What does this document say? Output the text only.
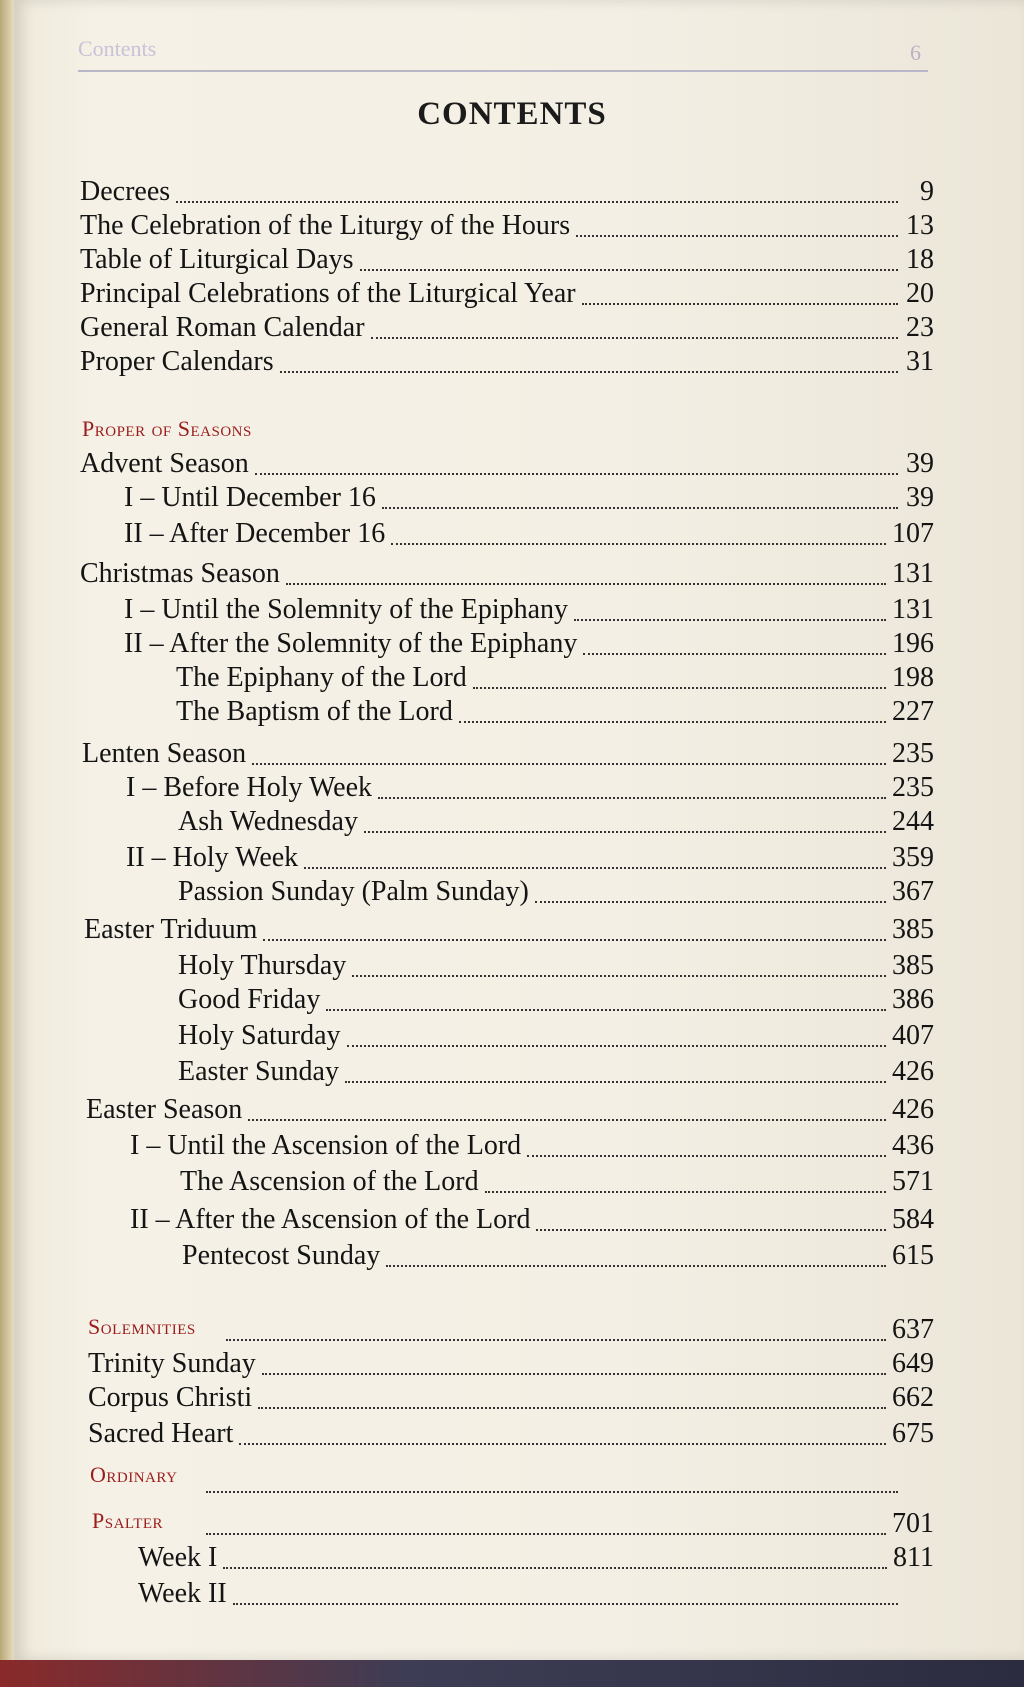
Contents	6
CONTENTS
Decrees	9
The Celebration of the Liturgy of the Hours	13
Table of Liturgical Days	18
Principal Celebrations of the Liturgical Year	20
General Roman Calendar	23
Proper Calendars	31
Proper of Seasons
Advent Season	39
I – Until December 16	39
II – After December 16	107
Christmas Season	131
I – Until the Solemnity of the Epiphany	131
II – After the Solemnity of the Epiphany	196
The Epiphany of the Lord	198
The Baptism of the Lord	227
Lenten Season	235
I – Before Holy Week	235
Ash Wednesday	244
II – Holy Week	359
Passion Sunday (Palm Sunday)	367
Easter Triduum	385
Holy Thursday	385
Good Friday	386
Holy Saturday	407
Easter Sunday	426
Easter Season	426
I – Until the Ascension of the Lord	436
The Ascension of the Lord	571
II – After the Ascension of the Lord	584
Pentecost Sunday	615
Solemnities	637
Trinity Sunday	649
Corpus Christi	662
Sacred Heart	675
Ordinary
Psalter	701
Week I	811
Week II
